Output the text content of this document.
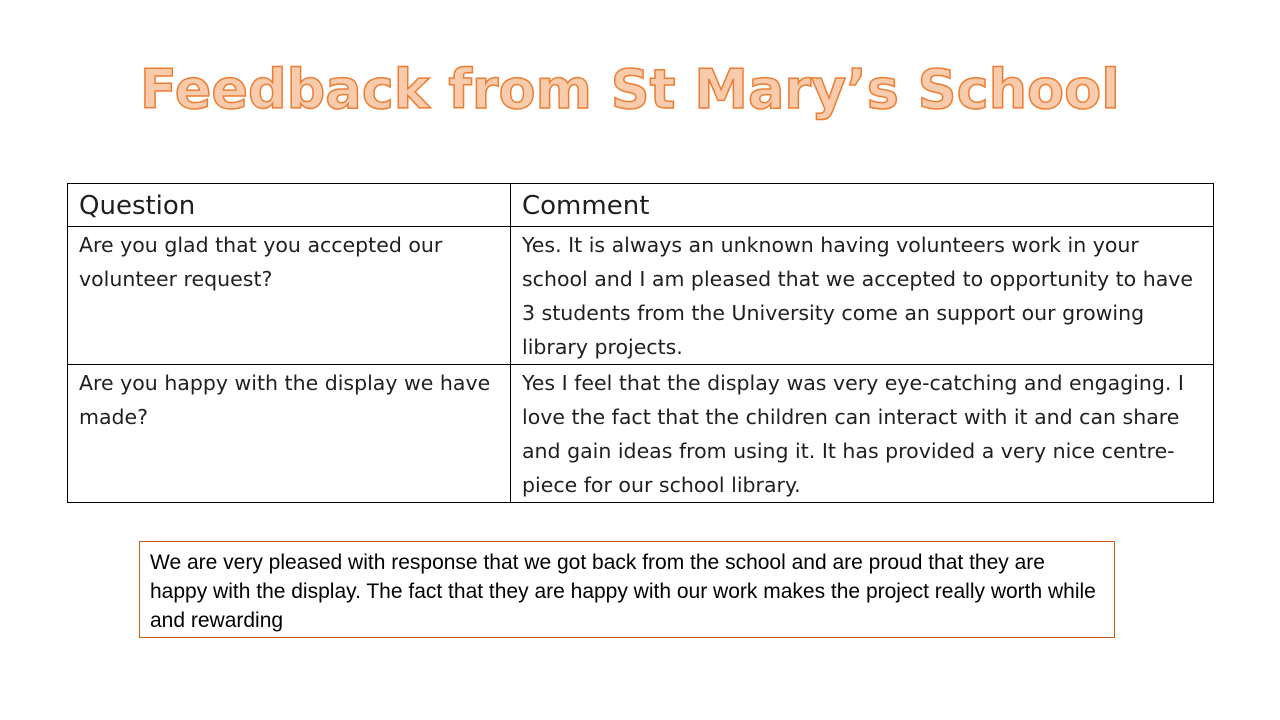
Feedback from St Mary’s School
Question	Comment
Are you glad that you accepted our volunteer request?	Yes. It is always an unknown having volunteers work in your school and I am pleased that we accepted to opportunity to have 3 students from the University come an support our growing library projects.
Are you happy with the display we have made?	Yes I feel that the display was very eye-catching and engaging. I love the fact that the children can interact with it and can share and gain ideas from using it. It has provided a very nice centre-piece for our school library.
We are very pleased with response that we got back from the school and are proud that they are happy with the display. The fact that they are happy with our work makes the project really worth while and rewarding
